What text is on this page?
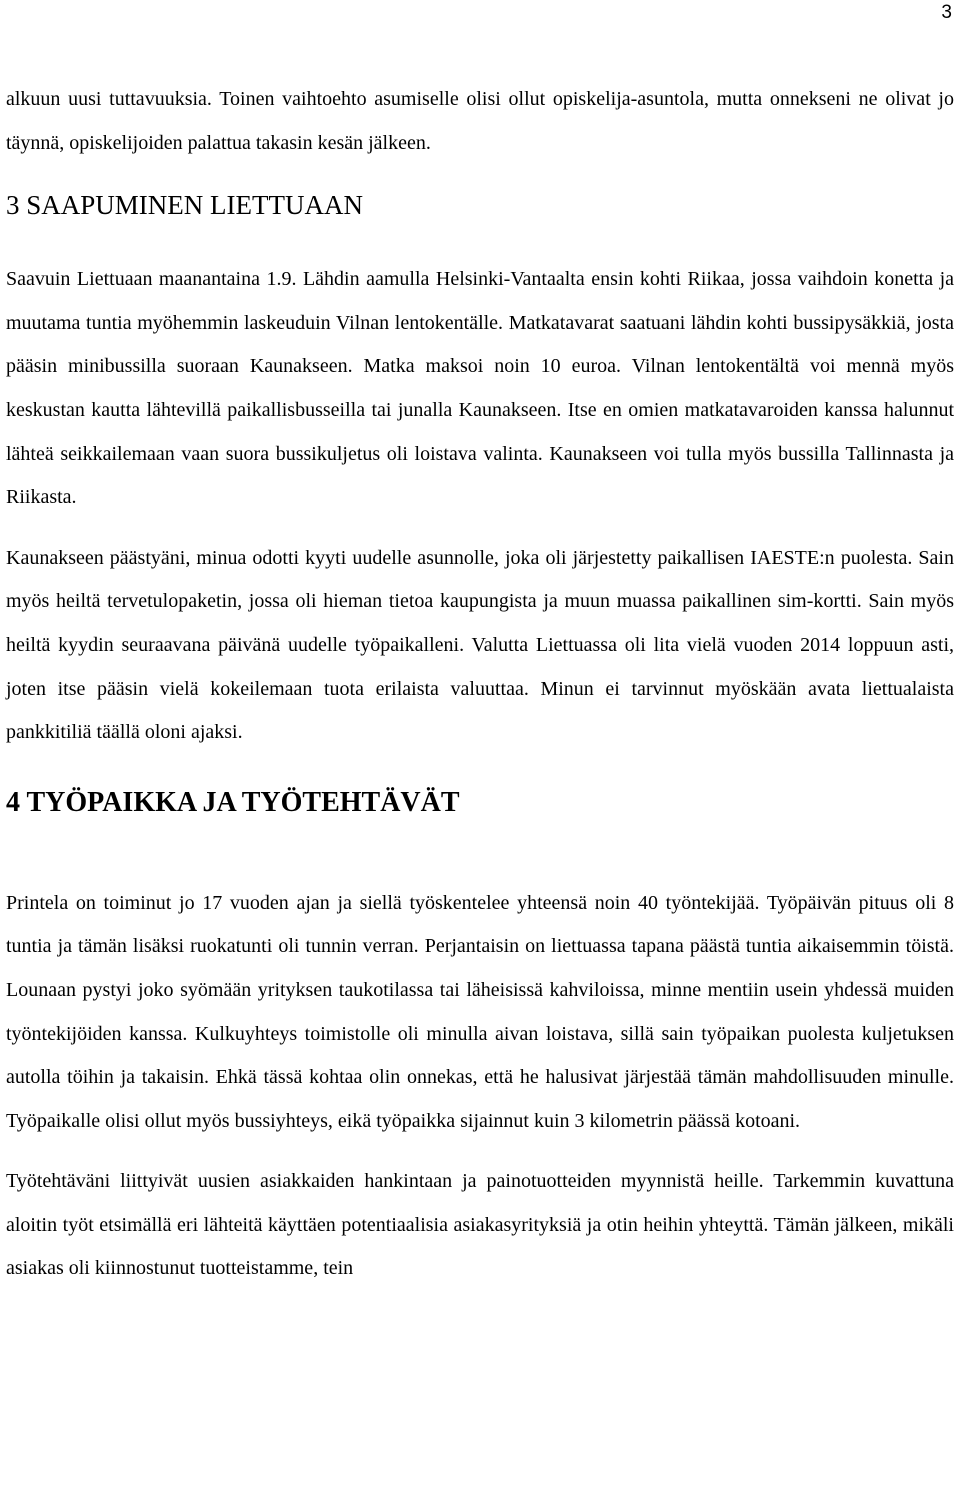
3

alkuun uusi tuttavuuksia. Toinen vaihtoehto asumiselle olisi ollut opiskelija-asuntola, mutta onnekseni ne olivat jo täynnä, opiskelijoiden palattua takasin kesän jälkeen.

3 SAAPUMINEN LIETTUAAN

Saavuin Liettuaan maanantaina 1.9. Lähdin aamulla Helsinki-Vantaalta ensin kohti Riikaa, jossa vaihdoin konetta ja muutama tuntia myöhemmin laskeuduin Vilnan lentokentälle. Matkatavarat saatuani lähdin kohti bussipysäkkiä, josta pääsin minibussilla suoraan Kaunakseen. Matka maksoi noin 10 euroa. Vilnan lentokentältä voi mennä myös keskustan kautta lähtevillä paikallisbusseilla tai junalla Kaunakseen. Itse en omien matkatavaroiden kanssa halunnut lähteä seikkailemaan vaan suora bussikuljetus oli loistava valinta. Kaunakseen voi tulla myös bussilla Tallinnasta ja Riikasta.

Kaunakseen päästyäni, minua odotti kyyti uudelle asunnolle, joka oli järjestetty paikallisen IAESTE:n puolesta. Sain myös heiltä tervetulopaketin, jossa oli hieman tietoa kaupungista ja muun muassa paikallinen sim-kortti. Sain myös heiltä kyydin seuraavana päivänä uudelle työpaikalleni. Valutta Liettuassa oli lita vielä vuoden 2014 loppuun asti, joten itse pääsin vielä kokeilemaan tuota erilaista valuuttaa. Minun ei tarvinnut myöskään avata liettualaista pankkitiliä täällä oloni ajaksi.

4 TYÖPAIKKA JA TYÖTEHTÄVÄT

Printela on toiminut jo 17 vuoden ajan ja siellä työskentelee yhteensä noin 40 työntekijää. Työpäivän pituus oli 8 tuntia ja tämän lisäksi ruokatunti oli tunnin verran. Perjantaisin on liettuassa tapana päästä tuntia aikaisemmin töistä. Lounaan pystyi joko syömään yrityksen taukotilassa tai läheisissä kahviloissa, minne mentiin usein yhdessä muiden työntekijöiden kanssa. Kulkuyhteys toimistolle oli minulla aivan loistava, sillä sain työpaikan puolesta kuljetuksen autolla töihin ja takaisin. Ehkä tässä kohtaa olin onnekas, että he halusivat järjestää tämän mahdollisuuden minulle. Työpaikalle olisi ollut myös bussiyhteys, eikä työpaikka sijainnut kuin 3 kilometrin päässä kotoani.

Työtehtäväni liittyivät uusien asiakkaiden hankintaan ja painotuotteiden myynnistä heille. Tarkemmin kuvattuna aloitin työt etsimällä eri lähteitä käyttäen potentiaalisia asiakasyrityksiä ja otin heihin yhteyttä. Tämän jälkeen, mikäli asiakas oli kiinnostunut tuotteistamme, tein
